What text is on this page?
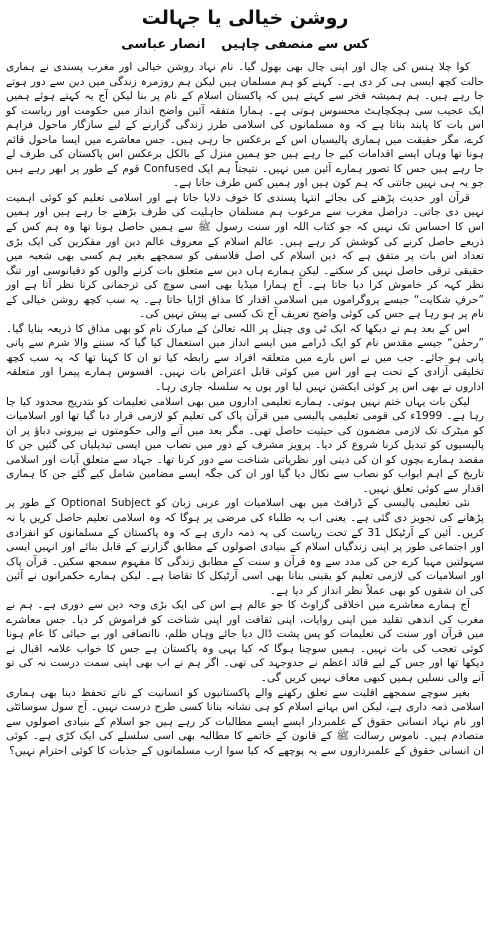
روشن خیالی یا جہالت
کس سے منصفی چاہیں
انصار عباسی

کوا چلا ہنس کی چال اور اپنی چال بھی بھول گیا۔ نام نہاد روشن خیالی اور مغرب پسندی نے ہماری حالت کچھ ایسی ہی کر دی ہے۔ کہنے کو ہم مسلمان ہیں لیکن ہم روزمرہ زندگی میں دین سے دور ہوتے جا رہے ہیں۔ ہم ہمیشہ فخر سے کہتے ہیں کہ پاکستان اسلام کے نام پر بنا لیکن آج یہ کہتے ہوئے ہمیں ایک عجیب سی ہچکچاہٹ محسوس ہوتی ہے۔ ہمارا متفقہ آئین واضح انداز میں حکومت اور ریاست کو اس بات کا پابند بناتا ہے کہ وہ مسلمانوں کی اسلامی طرز زندگی گزارنے کے لیے سازگار ماحول فراہم کرے، مگر حقیقت میں ہماری پالیسیاں اس کے برعکس جا رہی ہیں۔ جس معاشرے میں ایسا ماحول قائم ہونا تھا وہاں ایسے اقدامات کیے جا رہے ہیں جو ہمیں منزل کے بالکل برعکس اس پاکستان کی طرف لے جا رہے ہیں جس کا تصور ہمارے آئین میں نہیں۔ نتیجتاً ہم ایک Confused قوم کے طور پر ابھر رہے ہیں جو یہ ہی نہیں جانتی کہ ہم کون ہیں اور ہمیں کس طرف جانا ہے۔

قرآن اور حدیث پڑھنے کی بجائے انتہا پسندی کا خوف دلایا جاتا ہے اور اسلامی تعلیم کو کوئی اہمیت نہیں دی جاتی۔ دراصل مغرب سے مرعوب ہم مسلمان جاہلیت کی طرف بڑھتے جا رہے ہیں اور ہمیں اس کا احساس تک نہیں کہ جو کتاب اللہ اور سنت رسول ﷺ سے ہمیں حاصل ہونا تھا وہ ہم کس کے ذریعے حاصل کرنے کی کوشش کر رہے ہیں۔ عالم اسلام کے معروف عالم دین اور مفکرین کی ایک بڑی تعداد اس بات پر متفق ہے کہ دین اسلام کی اصل فلاسفی کو سمجھے بغیر ہم کسی بھی شعبہ میں حقیقی ترقی حاصل نہیں کر سکتے۔ لیکن ہمارے ہاں دین سے متعلق بات کرنے والوں کو دقیانوسی اور تنگ نظر کہہ کر خاموش کرا دیا جاتا ہے۔ آج ہمارا میڈیا بھی اسی سوچ کی ترجمانی کرتا نظر آتا ہے اور ”حرفِ شکایت“ جیسے پروگراموں میں اسلامی اقدار کا مذاق اڑایا جاتا ہے۔ یہ سب کچھ روشن خیالی کے نام پر ہو رہا ہے جس کی کوئی واضح تعریف آج تک کسی نے پیش نہیں کی۔

اس کے بعد ہم نے دیکھا کہ ایک ٹی وی چینل پر اللہ تعالیٰ کے مبارک نام کو بھی مذاق کا ذریعہ بنایا گیا۔ ”رحمٰن“ جیسے مقدس نام کو ایک ڈرامے میں ایسے انداز میں استعمال کیا گیا کہ سننے والا شرم سے پانی پانی ہو جائے۔ جب میں نے اس بارے میں متعلقہ افراد سے رابطہ کیا تو ان کا کہنا تھا کہ یہ سب کچھ تخلیقی آزادی کے تحت ہے اور اس میں کوئی قابل اعتراض بات نہیں۔ افسوس ہمارے پیمرا اور متعلقہ اداروں نے بھی اس پر کوئی ایکشن نہیں لیا اور یوں یہ سلسلہ جاری رہا۔

لیکن بات یہاں ختم نہیں ہوتی۔ ہمارے تعلیمی اداروں میں بھی اسلامی تعلیمات کو بتدریج محدود کیا جا رہا ہے۔ 1999ء کی قومی تعلیمی پالیسی میں قرآن پاک کی تعلیم کو لازمی قرار دیا گیا تھا اور اسلامیات کو میٹرک تک لازمی مضمون کی حیثیت حاصل تھی۔ مگر بعد میں آنے والی حکومتوں نے بیرونی دباؤ پر ان پالیسیوں کو تبدیل کرنا شروع کر دیا۔ پرویز مشرف کے دور میں نصاب میں ایسی تبدیلیاں کی گئیں جن کا مقصد ہمارے بچوں کو ان کی دینی اور نظریاتی شناخت سے دور کرنا تھا۔ جہاد سے متعلق آیات اور اسلامی تاریخ کے اہم ابواب کو نصاب سے نکال دیا گیا اور ان کی جگہ ایسے مضامین شامل کیے گئے جن کا ہماری اقدار سے کوئی تعلق نہیں۔

نئی تعلیمی پالیسی کے ڈرافٹ میں بھی اسلامیات اور عربی زبان کو Optional Subject کے طور پر پڑھانے کی تجویز دی گئی ہے۔ یعنی اب یہ طلباء کی مرضی پر ہوگا کہ وہ اسلامی تعلیم حاصل کریں یا نہ کریں۔ آئین کے آرٹیکل 31 کے تحت ریاست کی یہ ذمہ داری ہے کہ وہ پاکستان کے مسلمانوں کو انفرادی اور اجتماعی طور پر اپنی زندگیاں اسلام کے بنیادی اصولوں کے مطابق گزارنے کے قابل بنائے اور انہیں ایسی سہولتیں مہیا کرے جن کی مدد سے وہ قرآن و سنت کے مطابق زندگی کا مفہوم سمجھ سکیں۔ قرآن پاک اور اسلامیات کی لازمی تعلیم کو یقینی بنانا بھی اسی آرٹیکل کا تقاضا ہے۔ لیکن ہمارے حکمرانوں نے آئین کی ان شقوں کو بھی عملاً نظر انداز کر دیا ہے۔

آج ہمارے معاشرے میں اخلاقی گراوٹ کا جو عالم ہے اس کی ایک بڑی وجہ دین سے دوری ہے۔ ہم نے مغرب کی اندھی تقلید میں اپنی روایات، اپنی ثقافت اور اپنی شناخت کو فراموش کر دیا۔ جس معاشرے میں قرآن اور سنت کی تعلیمات کو پس پشت ڈال دیا جائے وہاں ظلم، ناانصافی اور بے حیائی کا عام ہونا کوئی تعجب کی بات نہیں۔ ہمیں سوچنا ہوگا کہ کیا یہی وہ پاکستان ہے جس کا خواب علامہ اقبال نے دیکھا تھا اور جس کے لیے قائد اعظم نے جدوجہد کی تھی۔ اگر ہم نے اب بھی اپنی سمت درست نہ کی تو آنے والی نسلیں ہمیں کبھی معاف نہیں کریں گی۔

بغیر سوچے سمجھے اقلیت سے تعلق رکھنے والے پاکستانیوں کو انسانیت کے ناتے تحفظ دینا بھی ہماری اسلامی ذمہ داری ہے، لیکن اس بہانے اسلام کو ہی نشانہ بنانا کسی طرح درست نہیں۔ آج سول سوسائٹی اور نام نہاد انسانی حقوق کے علمبردار ایسے ایسے مطالبات کر رہے ہیں جو اسلام کے بنیادی اصولوں سے متصادم ہیں۔ ناموس رسالت ﷺ کے قانون کے خاتمے کا مطالبہ بھی اسی سلسلے کی ایک کڑی ہے۔ کوئی ان انسانی حقوق کے علمبرداروں سے یہ پوچھے کہ کیا سوا ارب مسلمانوں کے جذبات کا کوئی احترام نہیں؟
